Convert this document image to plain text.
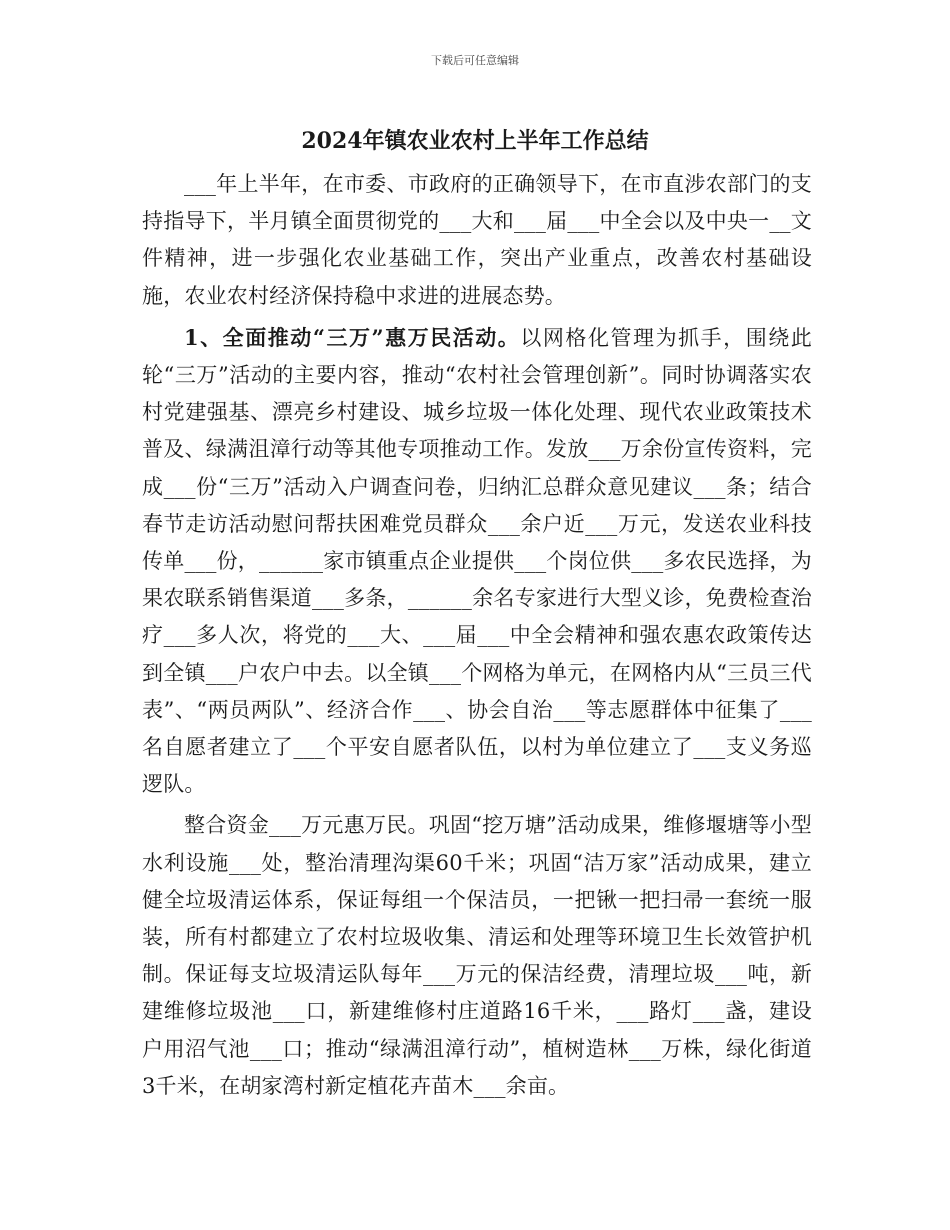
下载后可任意编辑
2024年镇农业农村上半年工作总结

___年上半年，在市委、市政府的正确领导下，在市直涉农部门的支持指导下，半月镇全面贯彻党的___大和___届___中全会以及中央一__文件精神，进一步强化农业基础工作，突出产业重点，改善农村基础设施，农业农村经济保持稳中求进的进展态势。

1、全面推动“三万”惠万民活动。以网格化管理为抓手，围绕此轮“三万”活动的主要内容，推动“农村社会管理创新”。同时协调落实农村党建强基、漂亮乡村建设、城乡垃圾一体化处理、现代农业政策技术普及、绿满沮漳行动等其他专项推动工作。发放___万余份宣传资料，完成___份“三万”活动入户调查问卷，归纳汇总群众意见建议___条；结合春节走访活动慰问帮扶困难党员群众___余户近___万元，发送农业科技传单___份，______家市镇重点企业提供___个岗位供___多农民选择，为果农联系销售渠道___多条，______余名专家进行大型义诊，免费检查治疗___多人次，将党的___大、___届___中全会精神和强农惠农政策传达到全镇___户农户中去。以全镇___个网格为单元，在网格内从“三员三代表”、“两员两队”、经济合作___、协会自治___等志愿群体中征集了___名自愿者建立了___个平安自愿者队伍，以村为单位建立了___支义务巡逻队。

整合资金___万元惠万民。巩固“挖万塘”活动成果，维修堰塘等小型水利设施___处，整治清理沟渠60千米；巩固“洁万家”活动成果，建立健全垃圾清运体系，保证每组一个保洁员，一把锹一把扫帚一套统一服装，所有村都建立了农村垃圾收集、清运和处理等环境卫生长效管护机制。保证每支垃圾清运队每年___万元的保洁经费，清理垃圾___吨，新建维修垃圾池___口，新建维修村庄道路16千米，___路灯___盏，建设户用沼气池___口；推动“绿满沮漳行动”，植树造林___万株，绿化街道3千米，在胡家湾村新定植花卉苗木___余亩。
